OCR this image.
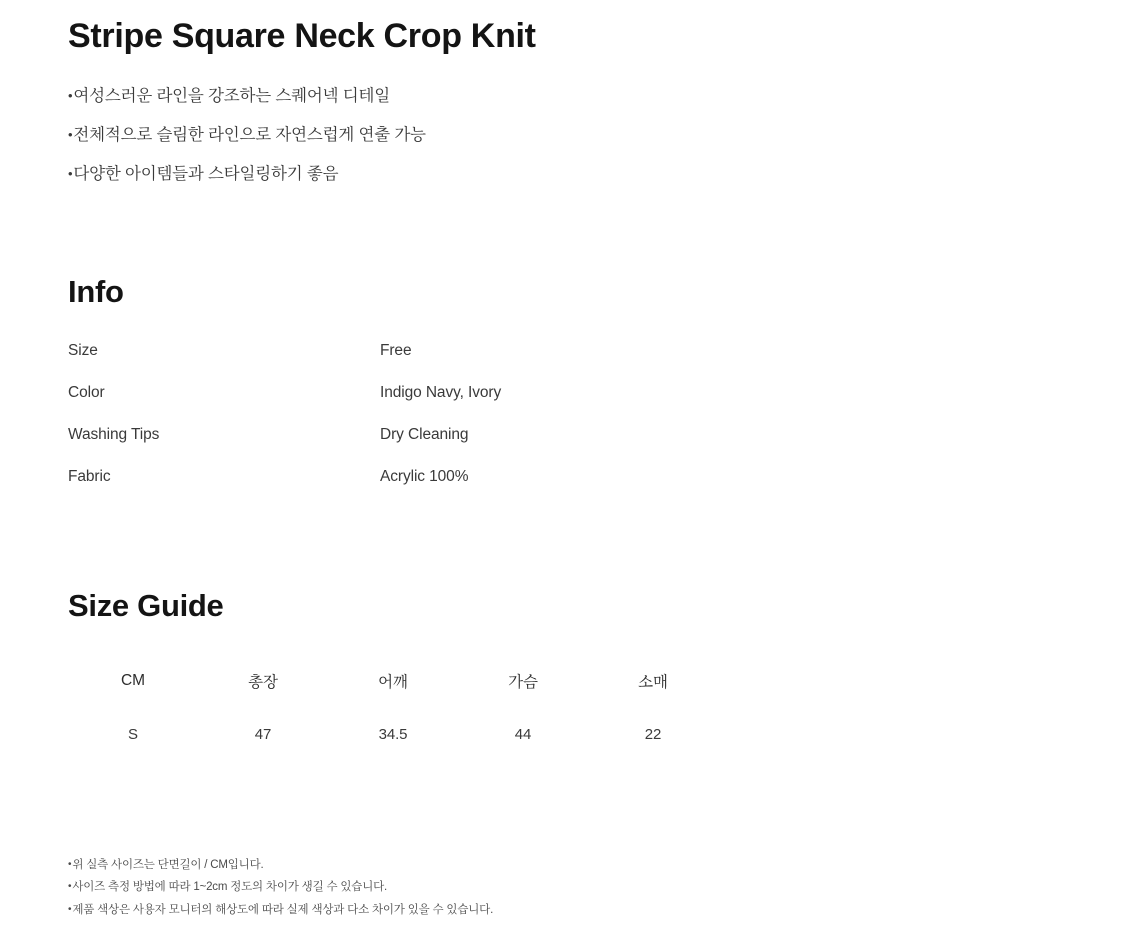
Stripe Square Neck Crop Knit
•여성스러운 라인을 강조하는 스퀘어넥 디테일
•전체적으로 슬림한 라인으로 자연스럽게 연출 가능
•다양한 아이템들과 스타일링하기 좋음
Info
Size	Free
Color	Indigo Navy, Ivory
Washing Tips	Dry Cleaning
Fabric	Acrylic 100%
Size Guide
CM	총장	어깨	가슴	소매
S	47	34.5	44	22
•위 실측 사이즈는 단면길이 / CM입니다.
•사이즈 측정 방법에 따라 1~2cm 정도의 차이가 생길 수 있습니다.
•제품 색상은 사용자 모니터의 해상도에 따라 실제 색상과 다소 차이가 있을 수 있습니다.
